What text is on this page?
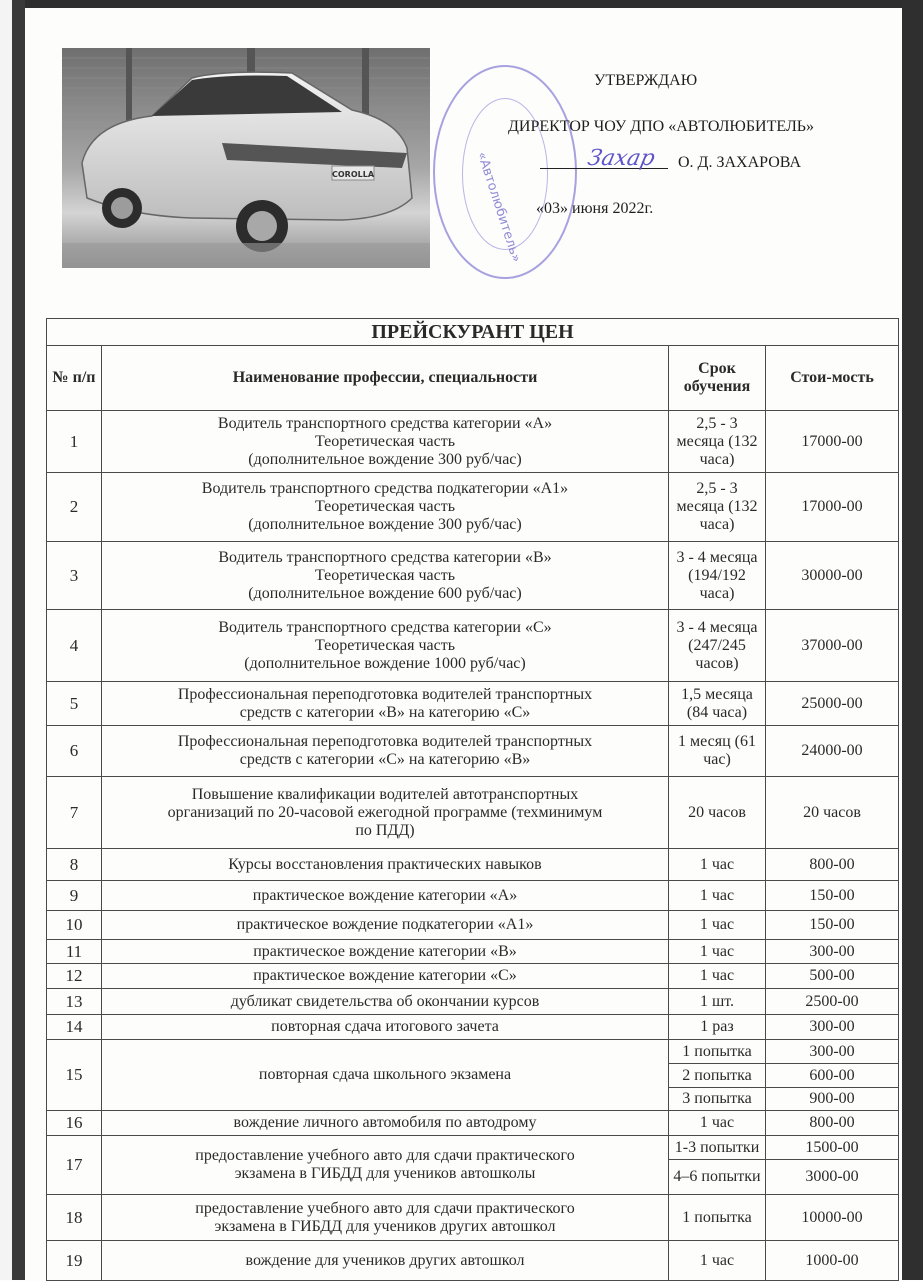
COROLLA	«Автолюбитель»
УТВЕРЖДАЮ
ДИРЕКТОР ЧОУ ДПО «АВТОЛЮБИТЕЛЬ»
О. Д. ЗАХАРОВА
«03» июня 2022г.
Захар
ПРЕЙСКУРАНТ ЦЕН			
№ п/п	Наименование профессии, специальности	Срок обучения	Стои-мость
1	Водитель транспортного средства категории «А»
Теоретическая часть
(дополнительное вождение 300 руб/час)	2,5 - 3 месяца (132 часа)	17000-00
2	Водитель транспортного средства подкатегории «А1»
Теоретическая часть
(дополнительное вождение 300 руб/час)	2,5 - 3 месяца (132 часа)	17000-00
3	Водитель транспортного средства категории «В»
Теоретическая часть
(дополнительное вождение 600 руб/час)	3 - 4 месяца (194/192 часа)	30000-00
4	Водитель транспортного средства категории «С»
Теоретическая часть
(дополнительное вождение 1000 руб/час)	3 - 4 месяца (247/245 часов)	37000-00
5	Профессиональная переподготовка водителей транспортных
средств с категории «В» на категорию «С»	1,5 месяца (84 часа)	25000-00
6	Профессиональная переподготовка водителей транспортных
средств с категории «С» на категорию «В»	1 месяц (61 час)	24000-00
7	Повышение квалификации водителей автотранспортных
организаций по 20-часовой ежегодной программе (техминимум
по ПДД)	20 часов	20 часов
8	Курсы восстановления практических навыков	1 час	800-00
9	практическое вождение категории «А»	1 час	150-00
10	практическое вождение подкатегории «А1»	1 час	150-00
11	практическое вождение категории «В»	1 час	300-00
12	практическое вождение категории «С»	1 час	500-00
13	дубликат свидетельства об окончании курсов	1 шт.	2500-00
14	повторная сдача итогового зачета	1 раз	300-00
15	повторная сдача школьного экзамена	1 попытка	300-00
		2 попытка	600-00
		3 попытка	900-00
16	вождение личного автомобиля по автодрому	1 час	800-00
17	предоставление учебного авто для сдачи практического
экзамена в ГИБДД для учеников автошколы	1-3 попытки	1500-00
		4–6 попытки	3000-00
18	предоставление учебного авто для сдачи практического
экзамена в ГИБДД для учеников других автошкол	1 попытка	10000-00
19	вождение для учеников других автошкол	1 час	1000-00
